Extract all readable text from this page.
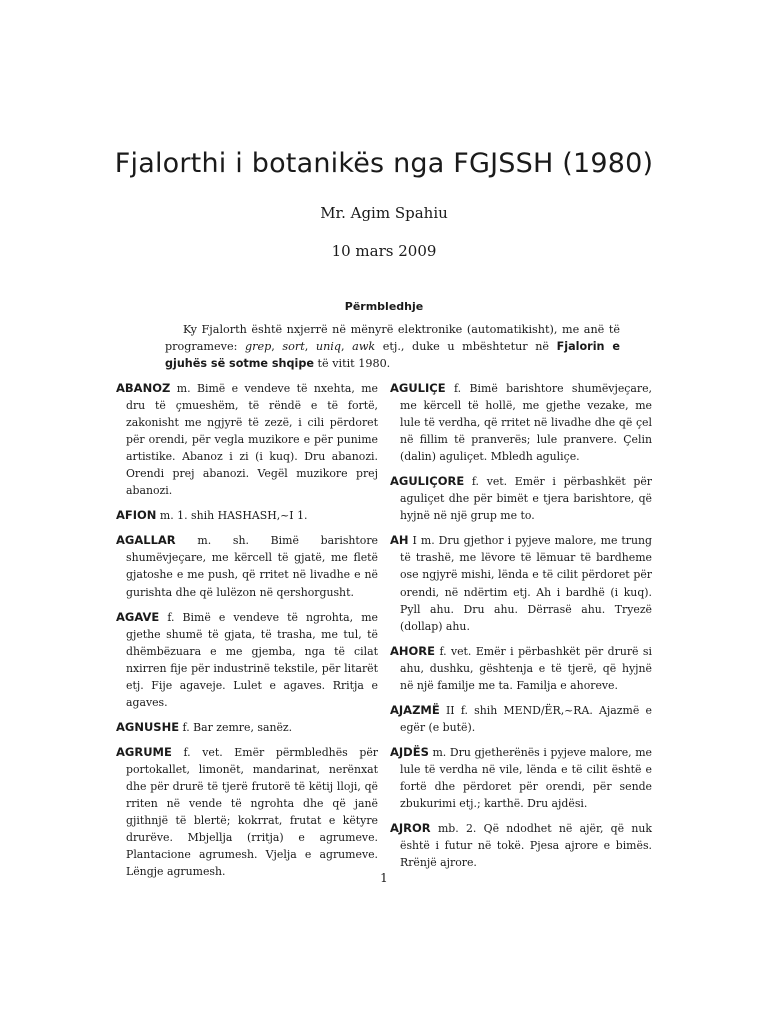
Fjalorthi i botanikës nga FGJSSH (1980)
Mr. Agim Spahiu
10 mars 2009
Përmbledhje
Ky Fjalorth është nxjerrë në mënyrë elektronike (automatikisht), me anë të programeve: grep, sort, uniq, awk etj., duke u mbështetur në Fjalorin e gjuhës së sotme shqipe të vitit 1980.

ABANOZ m. Bimë e vendeve të nxehta, me dru të çmueshëm, të rëndë e të fortë, zakonisht me ngjyrë të zezë, i cili përdoret për orendi, për vegla muzikore e për punime artistike. Abanoz i zi (i kuq). Dru abanozi. Orendi prej abanozi. Vegël muzikore prej abanozi.

AFION m. 1. shih HASHASH,~I 1.

AGALLAR m. sh. Bimë barishtore shumëvjeçare, me kërcell të gjatë, me fletë gjatoshe e me push, që rritet në livadhe e në gurishta dhe që lulëzon në qershorgusht.

AGAVE f. Bimë e vendeve të ngrohta, me gjethe shumë të gjata, të trasha, me tul, të dhëmbëzuara e me gjemba, nga të cilat nxirren fije për industrinë tekstile, për litarët etj. Fije agaveje. Lulet e agaves. Rritja e agaves.

AGNUSHE f. Bar zemre, sanëz.

AGRUME f. vet. Emër përmbledhës për portokallet, limonët, mandarinat, nerënxat dhe për drurë të tjerë frutorë të këtij lloji, që rriten në vende të ngrohta dhe që janë gjithnjë të blertë; kokrrat, frutat e këtyre drurëve. Mbjellja (rritja) e agrumeve. Plantacione agrumesh. Vjelja e agrumeve. Lëngje agrumesh.

AGULIÇE f. Bimë barishtore shumëvjeçare, me kërcell të hollë, me gjethe vezake, me lule të verdha, që rritet në livadhe dhe që çel në fillim të pranverës; lule pranvere. Çelin (dalin) aguliçet. Mbledh aguliçe.

AGULIÇORE f. vet. Emër i përbashkët për aguliçet dhe për bimët e tjera barishtore, që hyjnë në një grup me to.

AH I m. Dru gjethor i pyjeve malore, me trung të trashë, me lëvore të lëmuar të bardheme ose ngjyrë mishi, lënda e të cilit përdoret për orendi, në ndërtim etj. Ah i bardhë (i kuq). Pyll ahu. Dru ahu. Dërrasë ahu. Tryezë (dollap) ahu.

AHORE f. vet. Emër i përbashkët për drurë si ahu, dushku, gështenja e të tjerë, që hyjnë në një familje me ta. Familja e ahoreve.

AJAZMË II f. shih MEND/ËR,~RA. Ajazmë e egër (e butë).

AJDËS m. Dru gjetherënës i pyjeve malore, me lule të verdha në vile, lënda e të cilit është e fortë dhe përdoret për orendi, për sende zbukurimi etj.; karthë. Dru ajdësi.

AJROR mb. 2. Që ndodhet në ajër, që nuk është i futur në tokë. Pjesa ajrore e bimës. Rrënjë ajrore.

1
